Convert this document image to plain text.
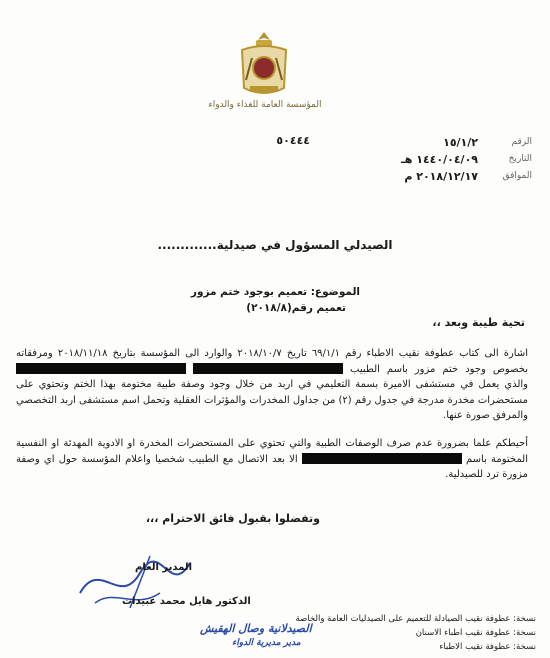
المؤسسة العامة للغذاء والدواء
٥٠٤٤٤	الرقم
١٥/١/٢
التاريخ
١٤٤٠/٠٤/٠٩ هـ
الموافق
٢٠١٨/١٢/١٧ م
الصيدلي المسؤول في صيدلية.............
الموضوع: تعميم بوجود ختم مزور
تعميم رقم(٢٠١٨/٨)
تحية طيبة وبعد ،،
اشارة الى كتاب عطوفة نقيب الاطباء رقم ٦٩/١/١ تاريخ ٢٠١٨/١٠/٧ والوارد الى المؤسسة بتاريخ ٢٠١٨/١١/١٨ ومرفقاته بخصوص وجود ختم مزور باسم الطبيب   والذي يعمل في مستشفى الاميرة بسمة التعليمي في اربد من خلال وجود وصفة طبية مختومة بهذا الختم وتحتوي على مستحضرات مخدرة مدرجة في جدول رقم (٢) من جداول المخدرات والمؤثرات العقلية وتحمل اسم مستشفى اربد التخصصي والمرفق صورة عنها.
أحيطكم علما بضرورة عدم صرف الوصفات الطبية والتي تحتوي على المستحضرات المخدرة او الادوية المهدئة او النفسية المختومة باسم  الا بعد الاتصال مع الطبيب شخصيا واعلام المؤسسة حول اي وصفة مزورة ترد للصيدلية.
وتفضلوا بقبول فائق الاحترام ،،،
المدير العام
الدكتور هايل محمد عبيدات
الصيدلانية وصال الهقيش
مدير مديرية الدواء
نسخة: عطوفة نقيب الصيادلة للتعميم على الصيدليات العامة والخاصة
نسخة: عطوفة نقيب اطباء الاسنان
نسخة: عطوفة نقيب الاطباء
